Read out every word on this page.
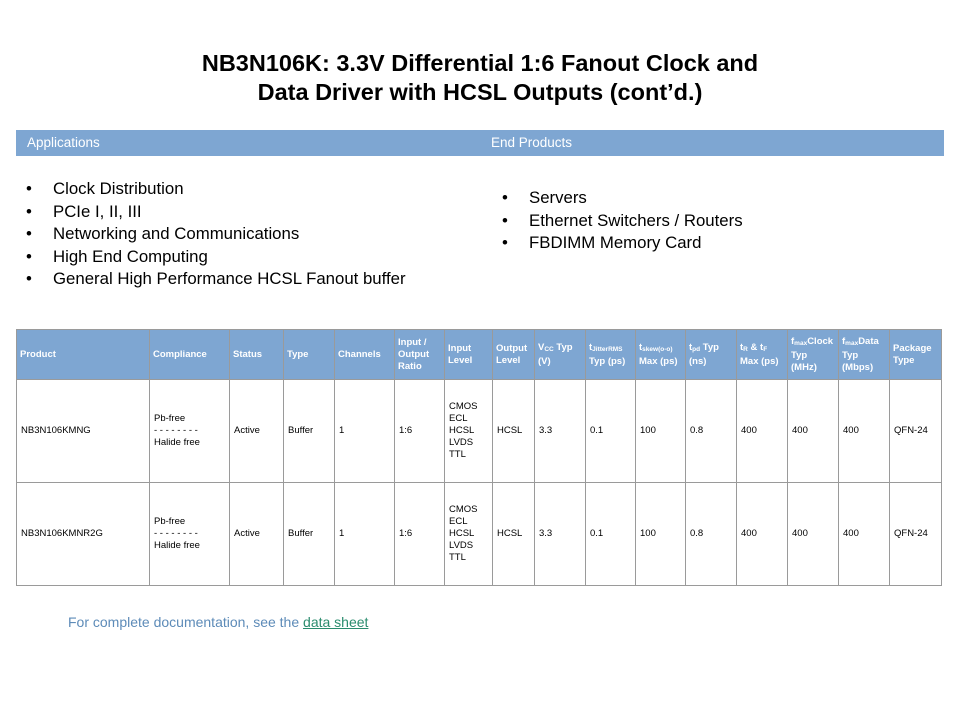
NB3N106K: 3.3V Differential 1:6 Fanout Clock and
Data Driver with HCSL Outputs (cont’d.)
Applications	End Products
• Clock Distribution
• PCIe I, II, III
• Networking and Communications
• High End Computing
• General High Performance HCSL Fanout buffer
• Servers
• Ethernet Switchers / Routers
• FBDIMM Memory Card
Product	Compliance	Status	Type	Channels	Input / Output Ratio	Input Level	Output Level	VCC Typ (V)	tJitterRMS Typ (ps)	tskew(o-o) Max (ps)	tpd Typ (ns)	tR & tF Max (ps)	fmaxClock Typ (MHz)	fmaxData Typ (Mbps)	Package Type
NB3N106KMNG	Pb-free
- - - - - - - -
Halide free	Active	Buffer	1	1:6	CMOS
ECL
HCSL
LVDS
TTL	HCSL	3.3	0.1	100	0.8	400	400	400	QFN-24
NB3N106KMNR2G	Pb-free
- - - - - - - -
Halide free	Active	Buffer	1	1:6	CMOS
ECL
HCSL
LVDS
TTL	HCSL	3.3	0.1	100	0.8	400	400	400	QFN-24
For complete documentation, see the data sheet
